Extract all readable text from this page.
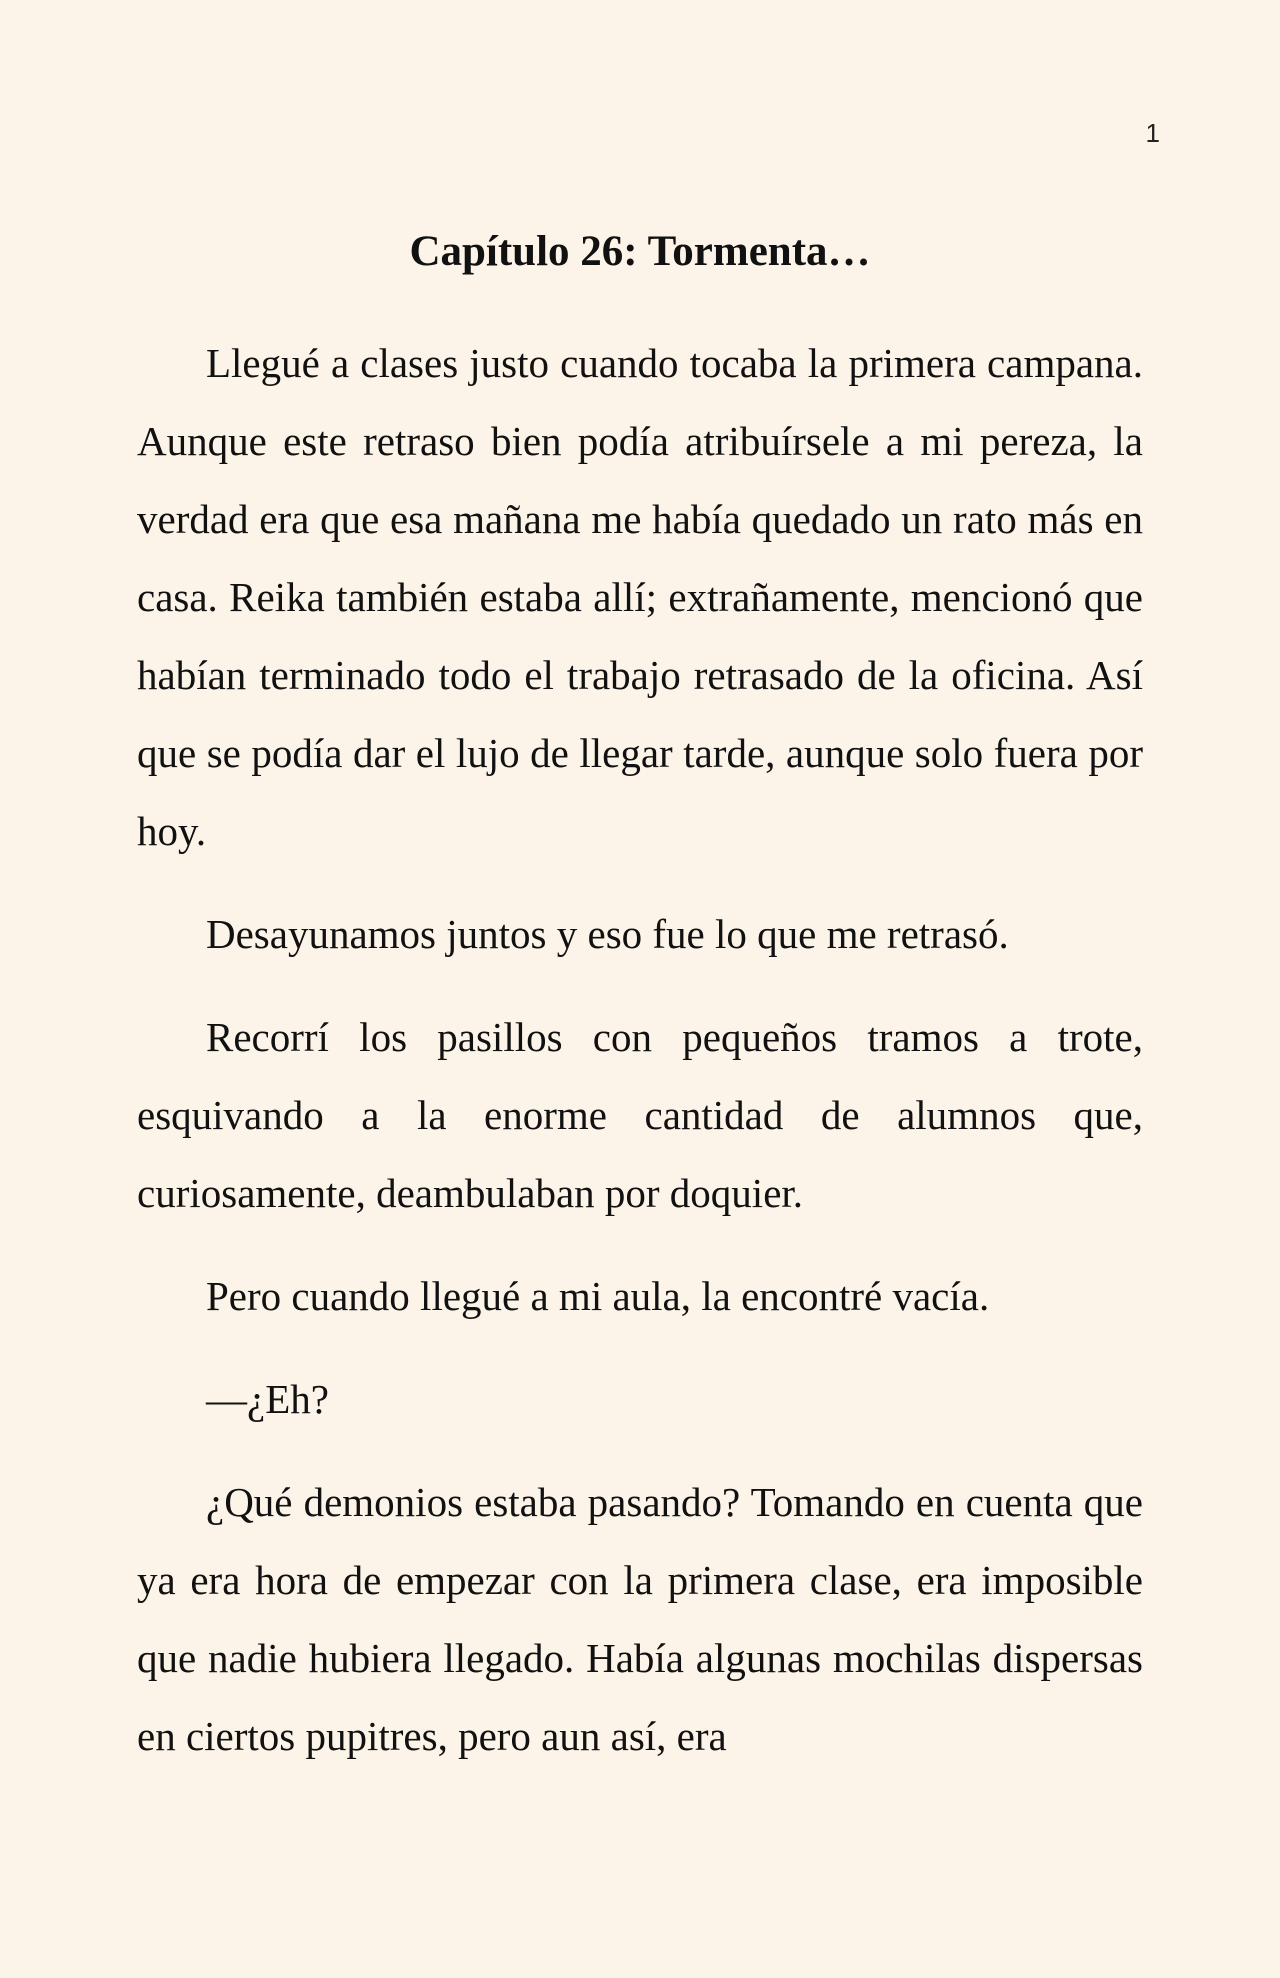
1
Capítulo 26: Tormenta…

Llegué a clases justo cuando tocaba la primera campana. Aunque este retraso bien podía atribuírsele a mi pereza, la verdad era que esa mañana me había quedado un rato más en casa. Reika también estaba allí; extrañamente, mencionó que habían terminado todo el trabajo retrasado de la oficina. Así que se podía dar el lujo de llegar tarde, aunque solo fuera por hoy.

Desayunamos juntos y eso fue lo que me retrasó.

Recorrí los pasillos con pequeños tramos a trote, esquivando a la enorme cantidad de alumnos que, curiosamente, deambulaban por doquier.

Pero cuando llegué a mi aula, la encontré vacía.

—¿Eh?

¿Qué demonios estaba pasando? Tomando en cuenta que ya era hora de empezar con la primera clase, era imposible que nadie hubiera llegado. Había algunas mochilas dispersas en ciertos pupitres, pero aun así, era
